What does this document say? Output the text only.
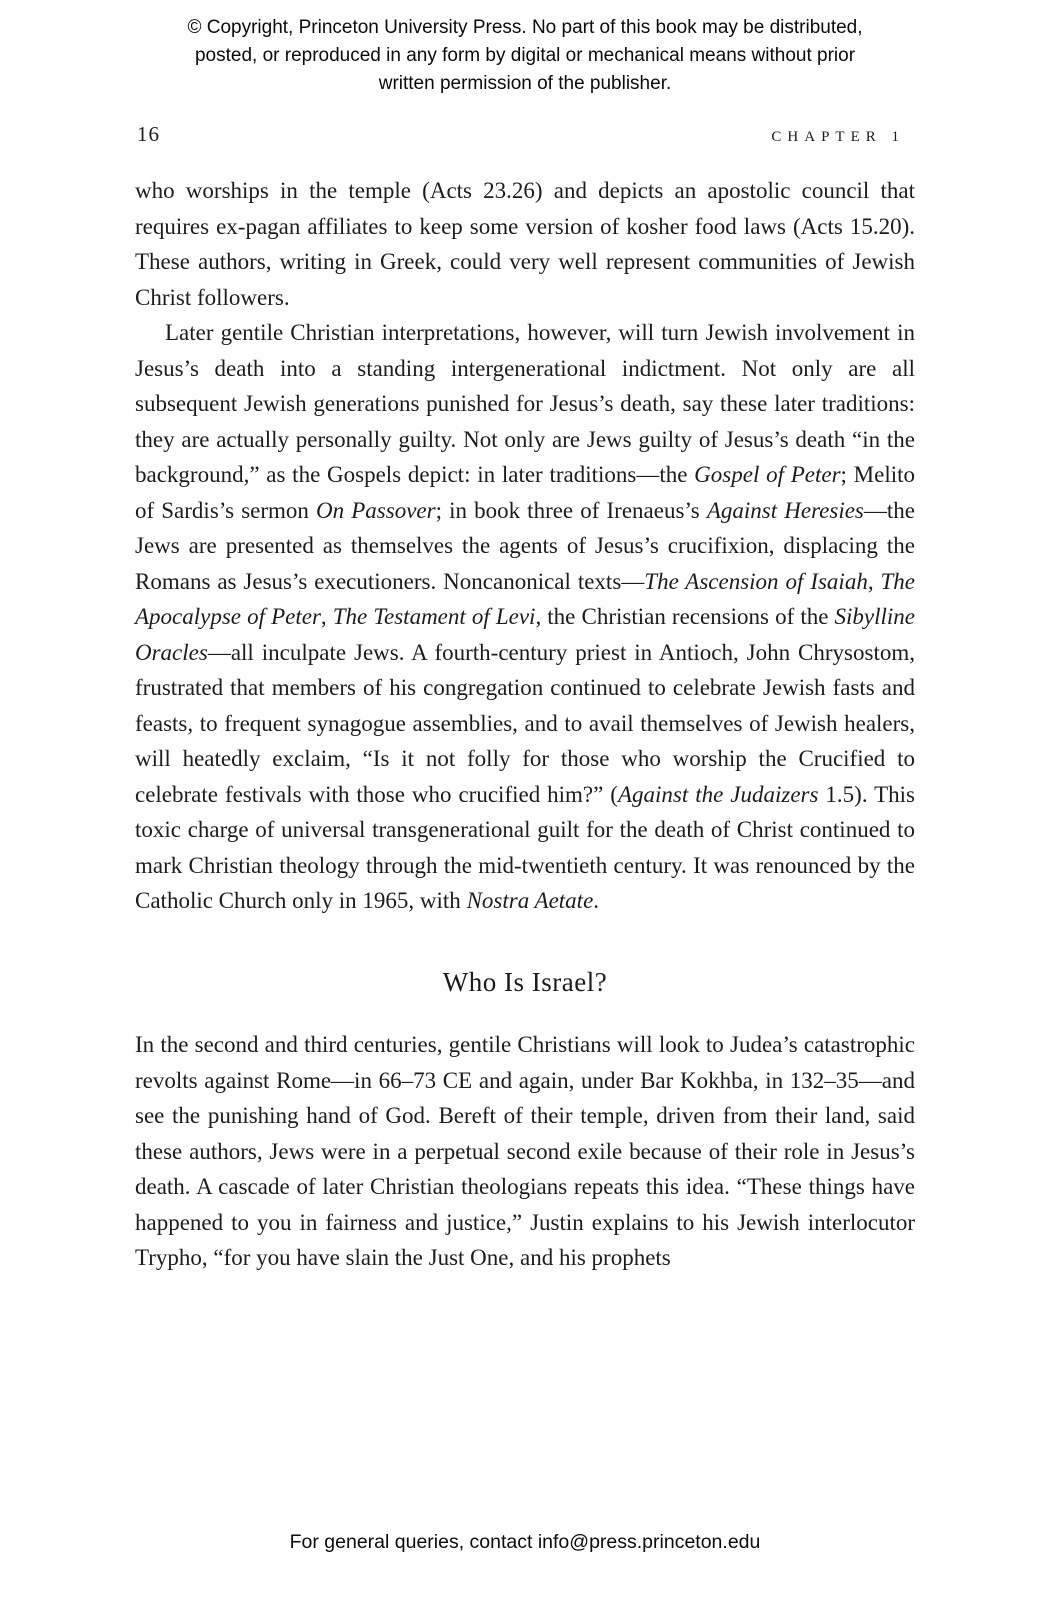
© Copyright, Princeton University Press. No part of this book may be distributed, posted, or reproduced in any form by digital or mechanical means without prior written permission of the publisher.
16	CHAPTER 1

who worships in the temple (Acts 23.26) and depicts an apostolic council that requires ex-pagan affiliates to keep some version of kosher food laws (Acts 15.20). These authors, writing in Greek, could very well represent communities of Jewish Christ followers.

Later gentile Christian interpretations, however, will turn Jewish involvement in Jesus’s death into a standing intergenerational indictment. Not only are all subsequent Jewish generations punished for Jesus’s death, say these later traditions: they are actually personally guilty. Not only are Jews guilty of Jesus’s death “in the background,” as the Gospels depict: in later traditions—the Gospel of Peter; Melito of Sardis’s sermon On Passover; in book three of Irenaeus’s Against Heresies—the Jews are presented as themselves the agents of Jesus’s crucifixion, displacing the Romans as Jesus’s executioners. Noncanonical texts—The Ascension of Isaiah, The Apocalypse of Peter, The Testament of Levi, the Christian recensions of the Sibylline Oracles—all inculpate Jews. A fourth-century priest in Antioch, John Chrysostom, frustrated that members of his congregation continued to celebrate Jewish fasts and feasts, to frequent synagogue assemblies, and to avail themselves of Jewish healers, will heatedly exclaim, “Is it not folly for those who worship the Crucified to celebrate festivals with those who crucified him?” (Against the Judaizers 1.5). This toxic charge of universal transgenerational guilt for the death of Christ continued to mark Christian theology through the mid-twentieth century. It was renounced by the Catholic Church only in 1965, with Nostra Aetate.

Who Is Israel?

In the second and third centuries, gentile Christians will look to Judea’s catastrophic revolts against Rome—in 66–73 CE and again, under Bar Kokhba, in 132–35—and see the punishing hand of God. Bereft of their temple, driven from their land, said these authors, Jews were in a perpetual second exile because of their role in Jesus’s death. A cascade of later Christian theologians repeats this idea. “These things have happened to you in fairness and justice,” Justin explains to his Jewish interlocutor Trypho, “for you have slain the Just One, and his prophets

For general queries, contact info@press.princeton.edu
